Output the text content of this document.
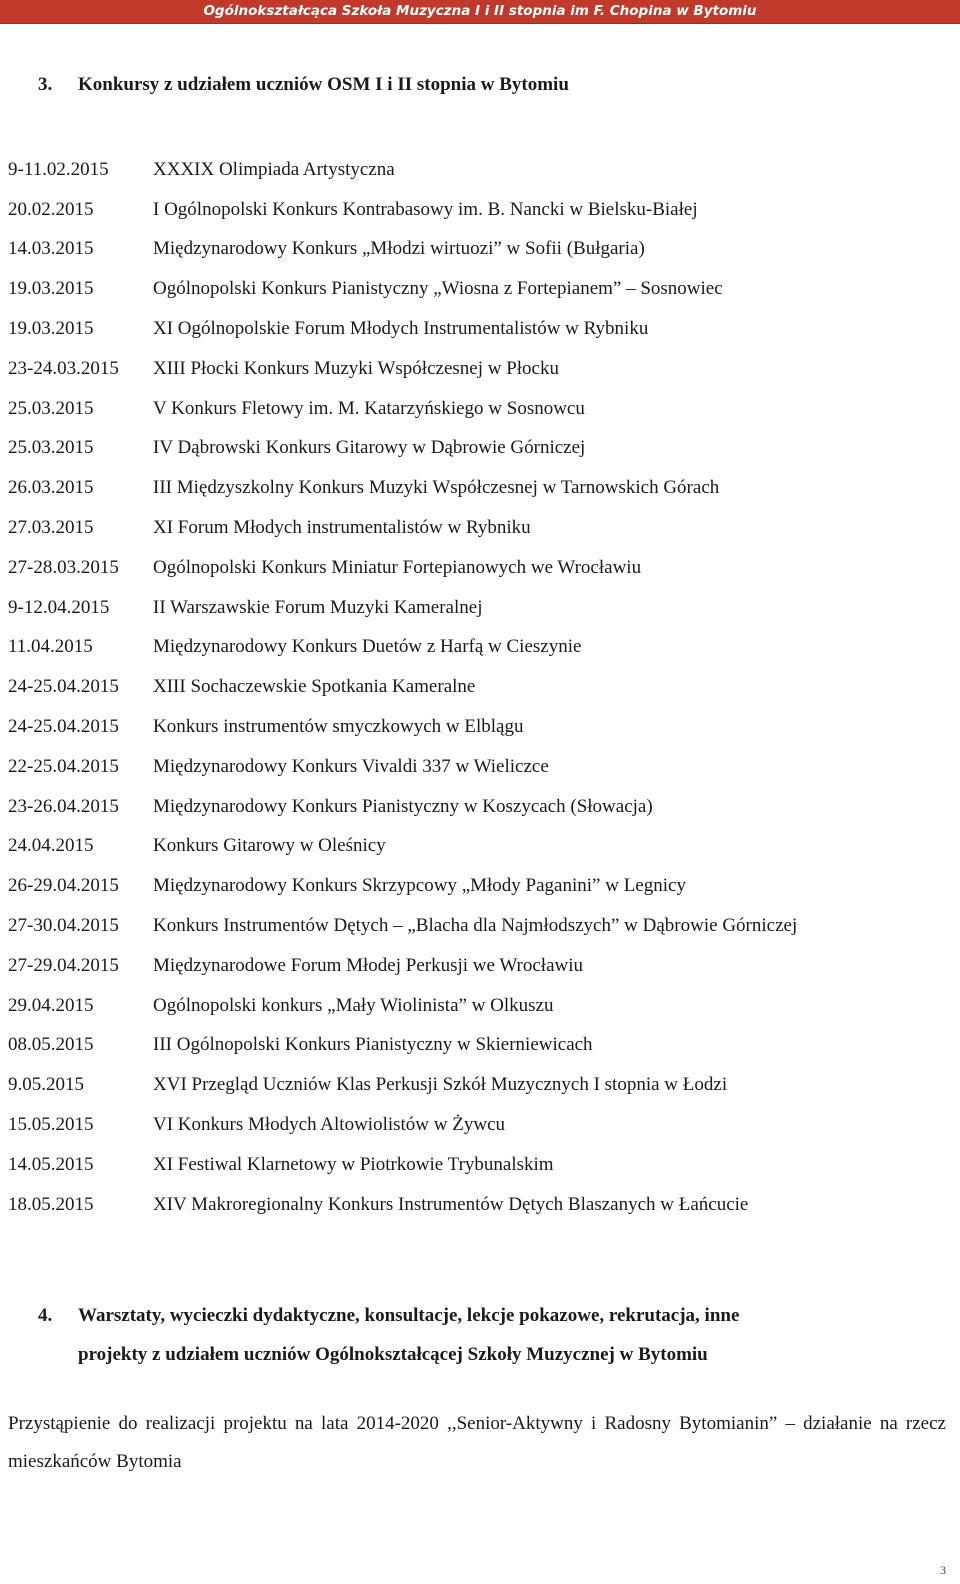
Ogólnokształcąca Szkoła Muzyczna I i II stopnia im F. Chopina w Bytomiu
3. Konkursy z udziałem uczniów OSM I i II stopnia w Bytomiu
9-11.02.2015	XXXIX Olimpiada Artystyczna
20.02.2015	I Ogólnopolski Konkurs Kontrabasowy im. B. Nancki w Bielsku-Białej
14.03.2015	Międzynarodowy Konkurs „Młodzi wirtuozi” w Sofii (Bułgaria)
19.03.2015	Ogólnopolski Konkurs Pianistyczny „Wiosna z Fortepianem” – Sosnowiec
19.03.2015	XI Ogólnopolskie Forum Młodych Instrumentalistów w Rybniku
23-24.03.2015	XIII Płocki Konkurs Muzyki Współczesnej w Płocku
25.03.2015	V Konkurs Fletowy im. M. Katarzyńskiego w Sosnowcu
25.03.2015	IV Dąbrowski Konkurs Gitarowy w Dąbrowie Górniczej
26.03.2015	III Międzyszkolny Konkurs Muzyki Współczesnej w Tarnowskich Górach
27.03.2015	XI Forum Młodych instrumentalistów w Rybniku
27-28.03.2015	Ogólnopolski Konkurs Miniatur Fortepianowych we Wrocławiu
9-12.04.2015	II Warszawskie Forum Muzyki Kameralnej
11.04.2015	Międzynarodowy Konkurs Duetów z Harfą w Cieszynie
24-25.04.2015	XIII Sochaczewskie Spotkania Kameralne
24-25.04.2015	Konkurs instrumentów smyczkowych w Elblągu
22-25.04.2015	Międzynarodowy Konkurs Vivaldi 337 w Wieliczce
23-26.04.2015	Międzynarodowy Konkurs Pianistyczny w Koszycach (Słowacja)
24.04.2015	Konkurs Gitarowy w Oleśnicy
26-29.04.2015	Międzynarodowy Konkurs Skrzypcowy „Młody Paganini” w Legnicy
27-30.04.2015	Konkurs Instrumentów Dętych – „Blacha dla Najmłodszych” w Dąbrowie Górniczej
27-29.04.2015	Międzynarodowe Forum Młodej Perkusji we Wrocławiu
29.04.2015	Ogólnopolski konkurs „Mały Wiolinista” w Olkuszu
08.05.2015	III Ogólnopolski Konkurs Pianistyczny w Skierniewicach
9.05.2015	XVI Przegląd Uczniów Klas Perkusji Szkół Muzycznych I stopnia w Łodzi
15.05.2015	VI Konkurs Młodych Altowiolistów w Żywcu
14.05.2015	XI Festiwal Klarnetowy w Piotrkowie Trybunalskim
18.05.2015	XIV Makroregionalny Konkurs Instrumentów Dętych Blaszanych w Łańcucie
4. Warsztaty, wycieczki dydaktyczne, konsultacje, lekcje pokazowe, rekrutacja, inne
projekty z udziałem uczniów Ogólnokształcącej Szkoły Muzycznej w Bytomiu
Przystąpienie do realizacji projektu na lata 2014-2020 ,,Senior-Aktywny i Radosny Bytomianin” – działanie na rzecz mieszkańców Bytomia
3
